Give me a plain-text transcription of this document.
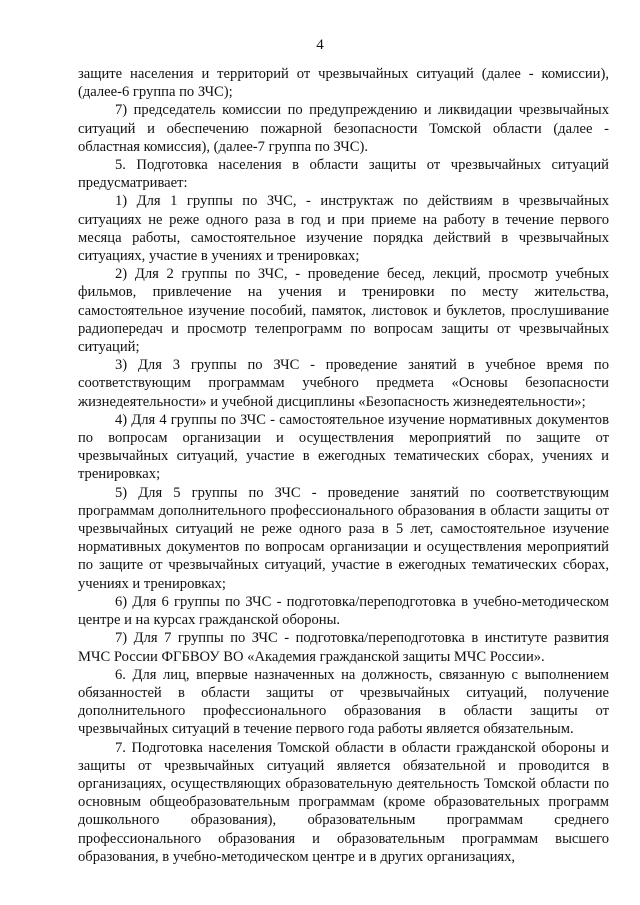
4

защите населения и территорий от чрезвычайных ситуаций (далее - комиссии), (далее-6 группа по ЗЧС);

7) председатель комиссии по предупреждению и ликвидации чрезвычайных ситуаций и обеспечению пожарной безопасности Томской области (далее - областная комиссия), (далее-7 группа по ЗЧС).

5. Подготовка населения в области защиты от чрезвычайных ситуаций предусматривает:

1) Для 1 группы по ЗЧС, - инструктаж по действиям в чрезвычайных ситуациях не реже одного раза в год и при приеме на работу в течение первого месяца работы, самостоятельное изучение порядка действий в чрезвычайных ситуациях, участие в учениях и тренировках;

2) Для 2 группы по ЗЧС, - проведение бесед, лекций, просмотр учебных фильмов, привлечение на учения и тренировки по месту жительства, самостоятельное изучение пособий, памяток, листовок и буклетов, прослушивание радиопередач и просмотр телепрограмм по вопросам защиты от чрезвычайных ситуаций;

3) Для 3 группы по ЗЧС - проведение занятий в учебное время по соответствующим программам учебного предмета «Основы безопасности жизнедеятельности» и учебной дисциплины «Безопасность жизнедеятельности»;

4) Для 4 группы по ЗЧС - самостоятельное изучение нормативных документов по вопросам организации и осуществления мероприятий по защите от чрезвычайных ситуаций, участие в ежегодных тематических сборах, учениях и тренировках;

5) Для 5 группы по ЗЧС - проведение занятий по соответствующим программам дополнительного профессионального образования в области защиты от чрезвычайных ситуаций не реже одного раза в 5 лет, самостоятельное изучение нормативных документов по вопросам организации и осуществления мероприятий по защите от чрезвычайных ситуаций, участие в ежегодных тематических сборах, учениях и тренировках;

6) Для 6 группы по ЗЧС - подготовка/переподготовка в учебно-методическом центре и на курсах гражданской обороны.

7) Для 7 группы по ЗЧС - подготовка/переподготовка в институте развития МЧС России ФГБВОУ ВО «Академия гражданской защиты МЧС России».

6. Для лиц, впервые назначенных на должность, связанную с выполнением обязанностей в области защиты от чрезвычайных ситуаций, получение дополнительного профессионального образования в области защиты от чрезвычайных ситуаций в течение первого года работы является обязательным.

7. Подготовка населения Томской области в области гражданской обороны и защиты от чрезвычайных ситуаций является обязательной и проводится в организациях, осуществляющих образовательную деятельность Томской области по основным общеобразовательным программам (кроме образовательных программ дошкольного образования), образовательным программам среднего профессионального образования и образовательным программам высшего образования, в учебно-методическом центре и в других организациях,
